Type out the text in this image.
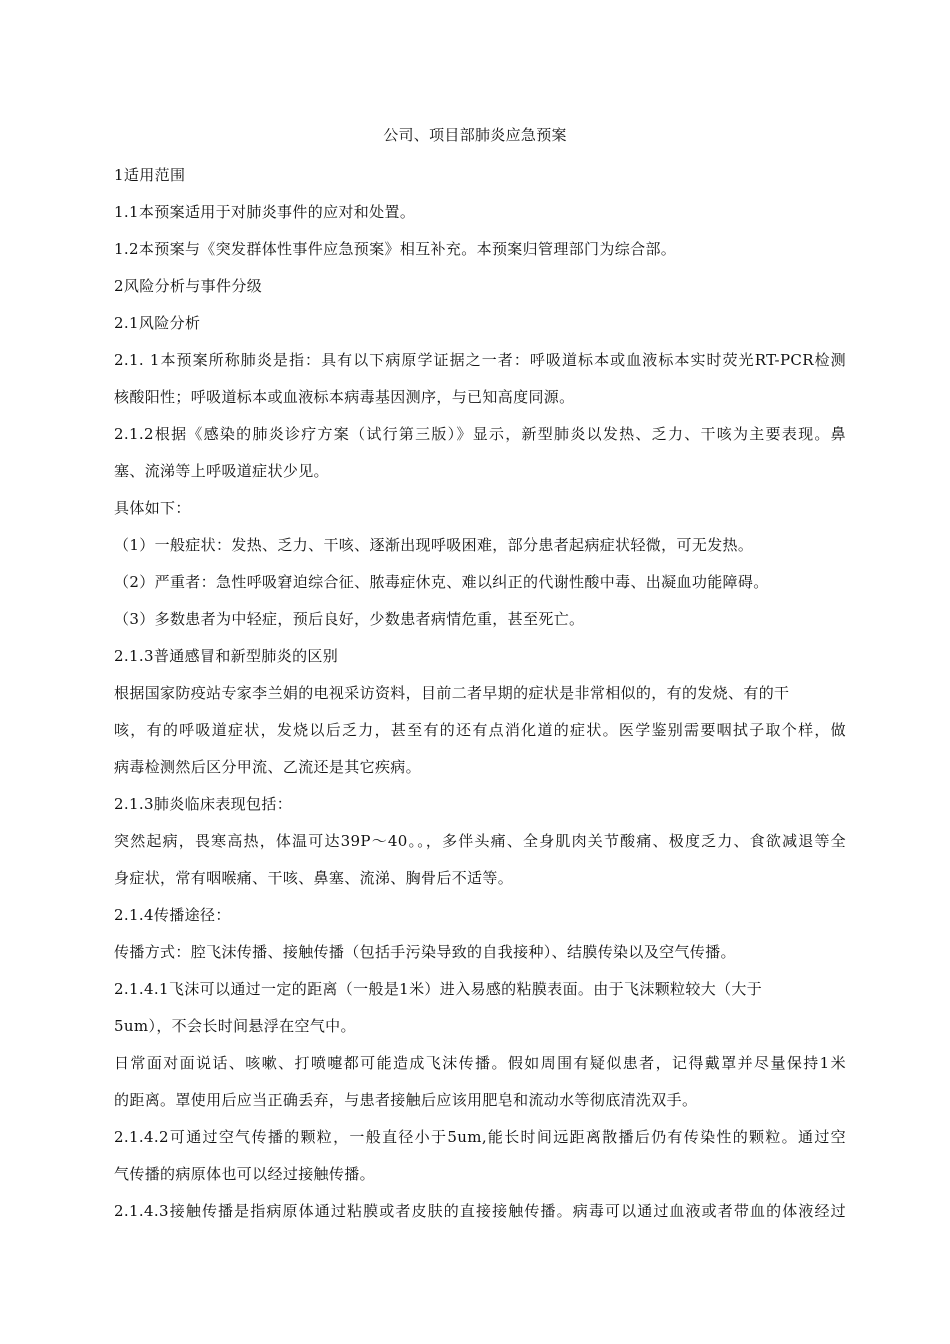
公司、项目部肺炎应急预案

1适用范围

1.1本预案适用于对肺炎事件的应对和处置。

1.2本预案与《突发群体性事件应急预案》相互补充。本预案归管理部门为综合部。

2风险分析与事件分级

2.1风险分析

2.1. 1本预案所称肺炎是指：具有以下病原学证据之一者：呼吸道标本或血液标本实时荧光RT-PCR检测

核酸阳性；呼吸道标本或血液标本病毒基因测序，与已知高度同源。

2.1.2根据《感染的肺炎诊疗方案（试行第三版）》显示，新型肺炎以发热、乏力、干咳为主要表现。鼻

塞、流涕等上呼吸道症状少见。

具体如下：

（1）一般症状：发热、乏力、干咳、逐渐出现呼吸困难，部分患者起病症状轻微，可无发热。

（2）严重者：急性呼吸窘迫综合征、脓毒症休克、难以纠正的代谢性酸中毒、出凝血功能障碍。

（3）多数患者为中轻症，预后良好，少数患者病情危重，甚至死亡。

2.1.3普通感冒和新型肺炎的区别

根据国家防疫站专家李兰娟的电视采访资料，目前二者早期的症状是非常相似的，有的发烧、有的干

咳，有的呼吸道症状，发烧以后乏力，甚至有的还有点消化道的症状。医学鉴别需要咽拭子取个样，做

病毒检测然后区分甲流、乙流还是其它疾病。

2.1.3肺炎临床表现包括：

突然起病，畏寒高热，体温可达39P〜40。。，多伴头痛、全身肌肉关节酸痛、极度乏力、食欲减退等全

身症状，常有咽喉痛、干咳、鼻塞、流涕、胸骨后不适等。

2.1.4传播途径：

传播方式：腔飞沫传播、接触传播（包括手污染导致的自我接种）、结膜传染以及空气传播。

2.1.4.1飞沫可以通过一定的距离（一般是1米）进入易感的粘膜表面。由于飞沫颗粒较大（大于

5um），不会长时间悬浮在空气中。

日常面对面说话、咳嗽、打喷嚏都可能造成飞沫传播。假如周围有疑似患者，记得戴罩并尽量保持1米

的距离。罩使用后应当正确丢弃，与患者接触后应该用肥皂和流动水等彻底清洗双手。

2.1.4.2可通过空气传播的颗粒，一般直径小于5um,能长时间远距离散播后仍有传染性的颗粒。通过空

气传播的病原体也可以经过接触传播。

2.1.4.3接触传播是指病原体通过粘膜或者皮肤的直接接触传播。病毒可以通过血液或者带血的体液经过
